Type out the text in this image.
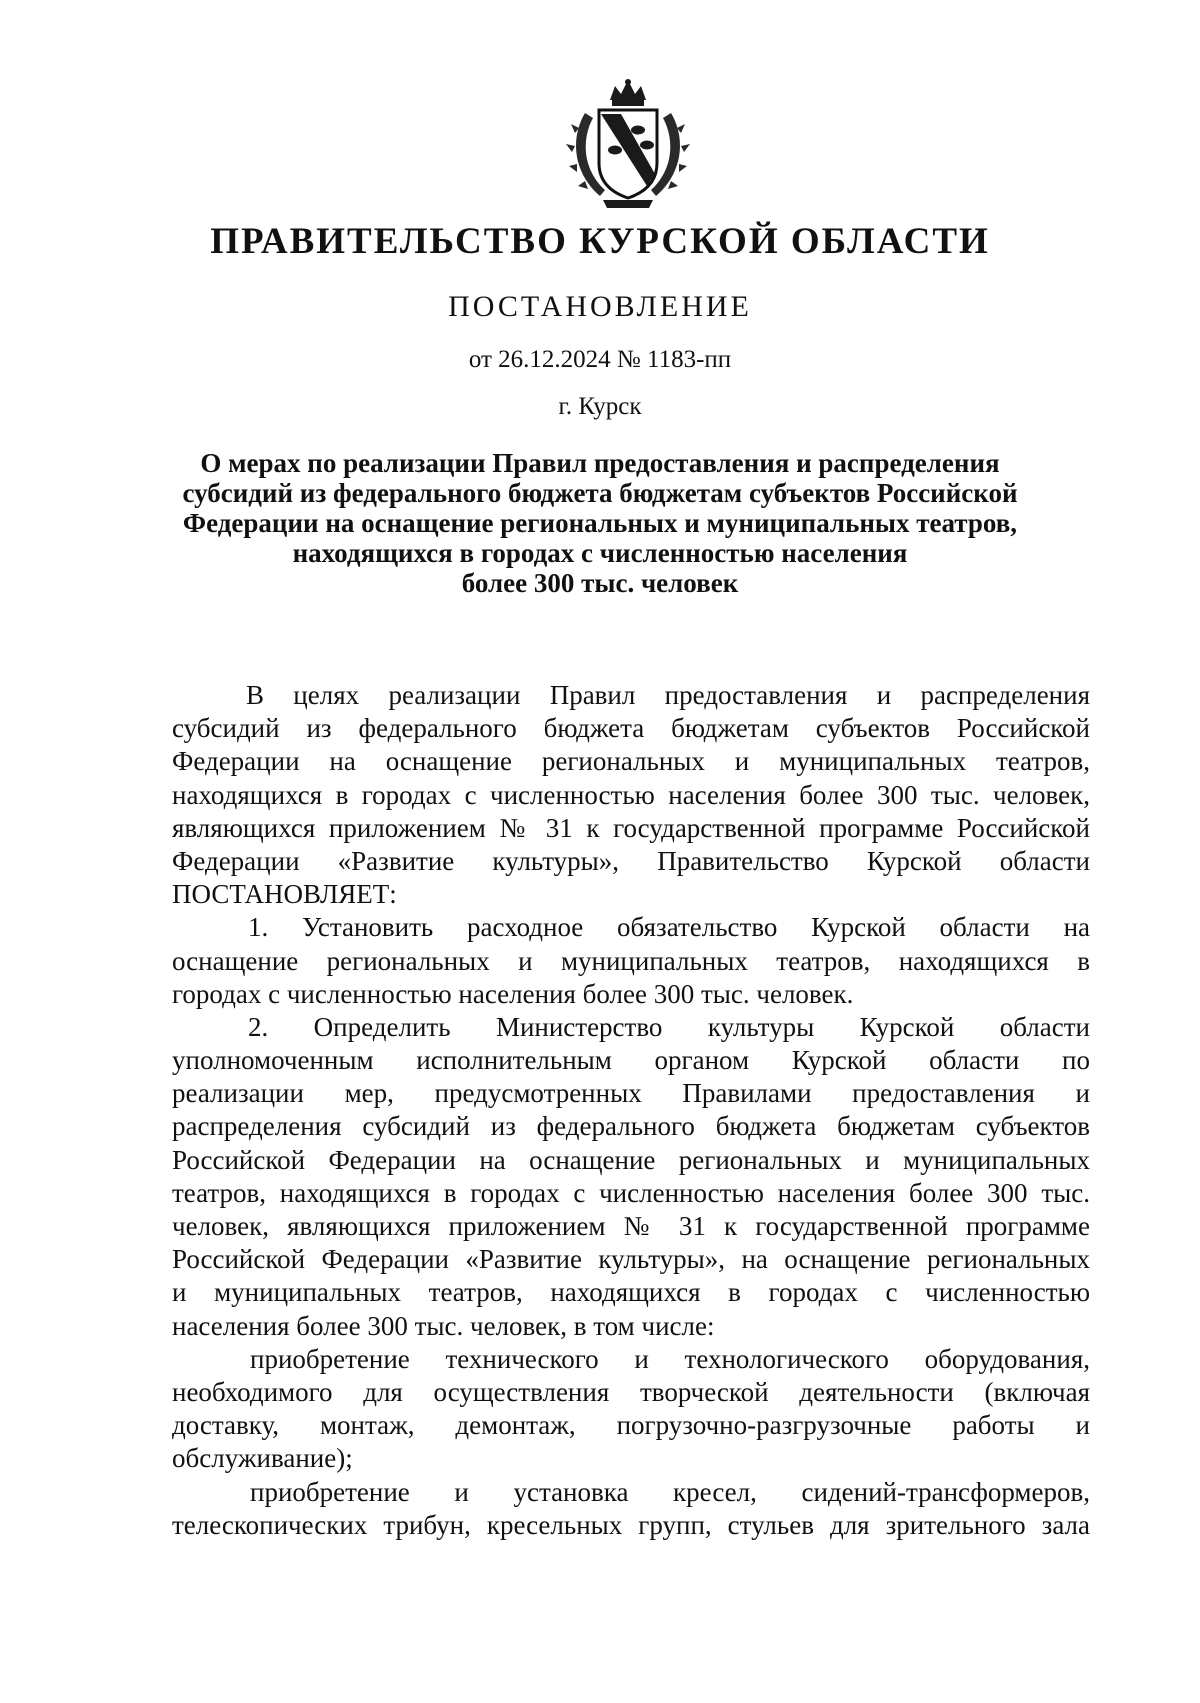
ПРАВИТЕЛЬСТВО КУРСКОЙ ОБЛАСТИ
ПОСТАНОВЛЕНИЕ
от 26.12.2024 № 1183-пп
г. Курск
О мерах по реализации Правил предоставления и распределения
субсидий из федерального бюджета бюджетам субъектов Российской
Федерации на оснащение региональных и муниципальных театров,
находящихся в городах с численностью населения
более 300 тыс. человек
В целях реализации Правил предоставления и распределения
субсидий из федерального бюджета бюджетам субъектов Российской
Федерации на оснащение региональных и муниципальных театров,
находящихся в городах с численностью населения более 300 тыс. человек,
являющихся приложением № 31 к государственной программе Российской
Федерации «Развитие культуры», Правительство Курской области
ПОСТАНОВЛЯЕТ:
1. Установить расходное обязательство Курской области на
оснащение региональных и муниципальных театров, находящихся в
городах с численностью населения более 300 тыс. человек.
2. Определить Министерство культуры Курской области
уполномоченным исполнительным органом Курской области по
реализации мер, предусмотренных Правилами предоставления и
распределения субсидий из федерального бюджета бюджетам субъектов
Российской Федерации на оснащение региональных и муниципальных
театров, находящихся в городах с численностью населения более 300 тыс.
человек, являющихся приложением № 31 к государственной программе
Российской Федерации «Развитие культуры», на оснащение региональных
и муниципальных театров, находящихся в городах с численностью
населения более 300 тыс. человек, в том числе:
приобретение технического и технологического оборудования,
необходимого для осуществления творческой деятельности (включая
доставку, монтаж, демонтаж, погрузочно-разгрузочные работы и
обслуживание);
приобретение и установка кресел, сидений-трансформеров,
телескопических трибун, кресельных групп, стульев для зрительного зала
